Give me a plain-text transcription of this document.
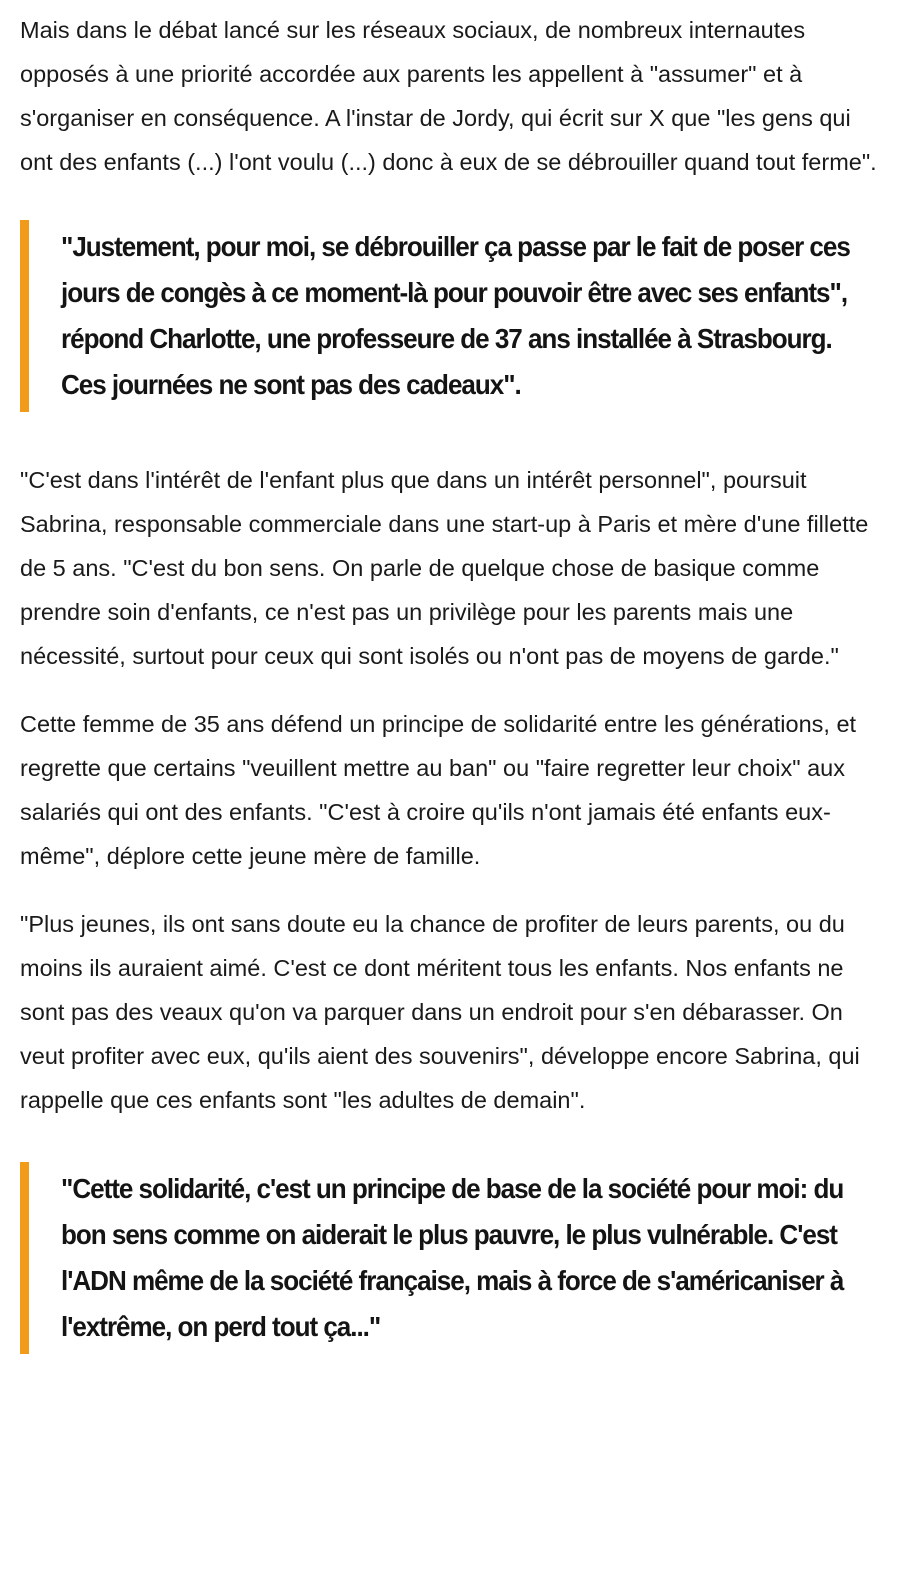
Mais dans le débat lancé sur les réseaux sociaux, de nombreux internautes opposés à une priorité accordée aux parents les appellent à "assumer" et à s'organiser en conséquence. A l'instar de Jordy, qui écrit sur X que "les gens qui ont des enfants (...) l'ont voulu (...) donc à eux de se débrouiller quand tout ferme".

"Justement, pour moi, se débrouiller ça passe par le fait de poser ces jours de congès à ce moment-là pour pouvoir être avec ses enfants", répond Charlotte, une professeure de 37 ans installée à Strasbourg. Ces journées ne sont pas des cadeaux".

"C'est dans l'intérêt de l'enfant plus que dans un intérêt personnel", poursuit Sabrina, responsable commerciale dans une start-up à Paris et mère d'une fillette de 5 ans. "C'est du bon sens. On parle de quelque chose de basique comme prendre soin d'enfants, ce n'est pas un privilège pour les parents mais une nécessité, surtout pour ceux qui sont isolés ou n'ont pas de moyens de garde."

Cette femme de 35 ans défend un principe de solidarité entre les générations, et regrette que certains "veuillent mettre au ban" ou "faire regretter leur choix" aux salariés qui ont des enfants. "C'est à croire qu'ils n'ont jamais été enfants eux-même", déplore cette jeune mère de famille.

"Plus jeunes, ils ont sans doute eu la chance de profiter de leurs parents, ou du moins ils auraient aimé. C'est ce dont méritent tous les enfants. Nos enfants ne sont pas des veaux qu'on va parquer dans un endroit pour s'en débarasser. On veut profiter avec eux, qu'ils aient des souvenirs", développe encore Sabrina, qui rappelle que ces enfants sont "les adultes de demain".

"Cette solidarité, c'est un principe de base de la société pour moi: du bon sens comme on aiderait le plus pauvre, le plus vulnérable. C'est l'ADN même de la société française, mais à force de s'américaniser à l'extrême, on perd tout ça..."
